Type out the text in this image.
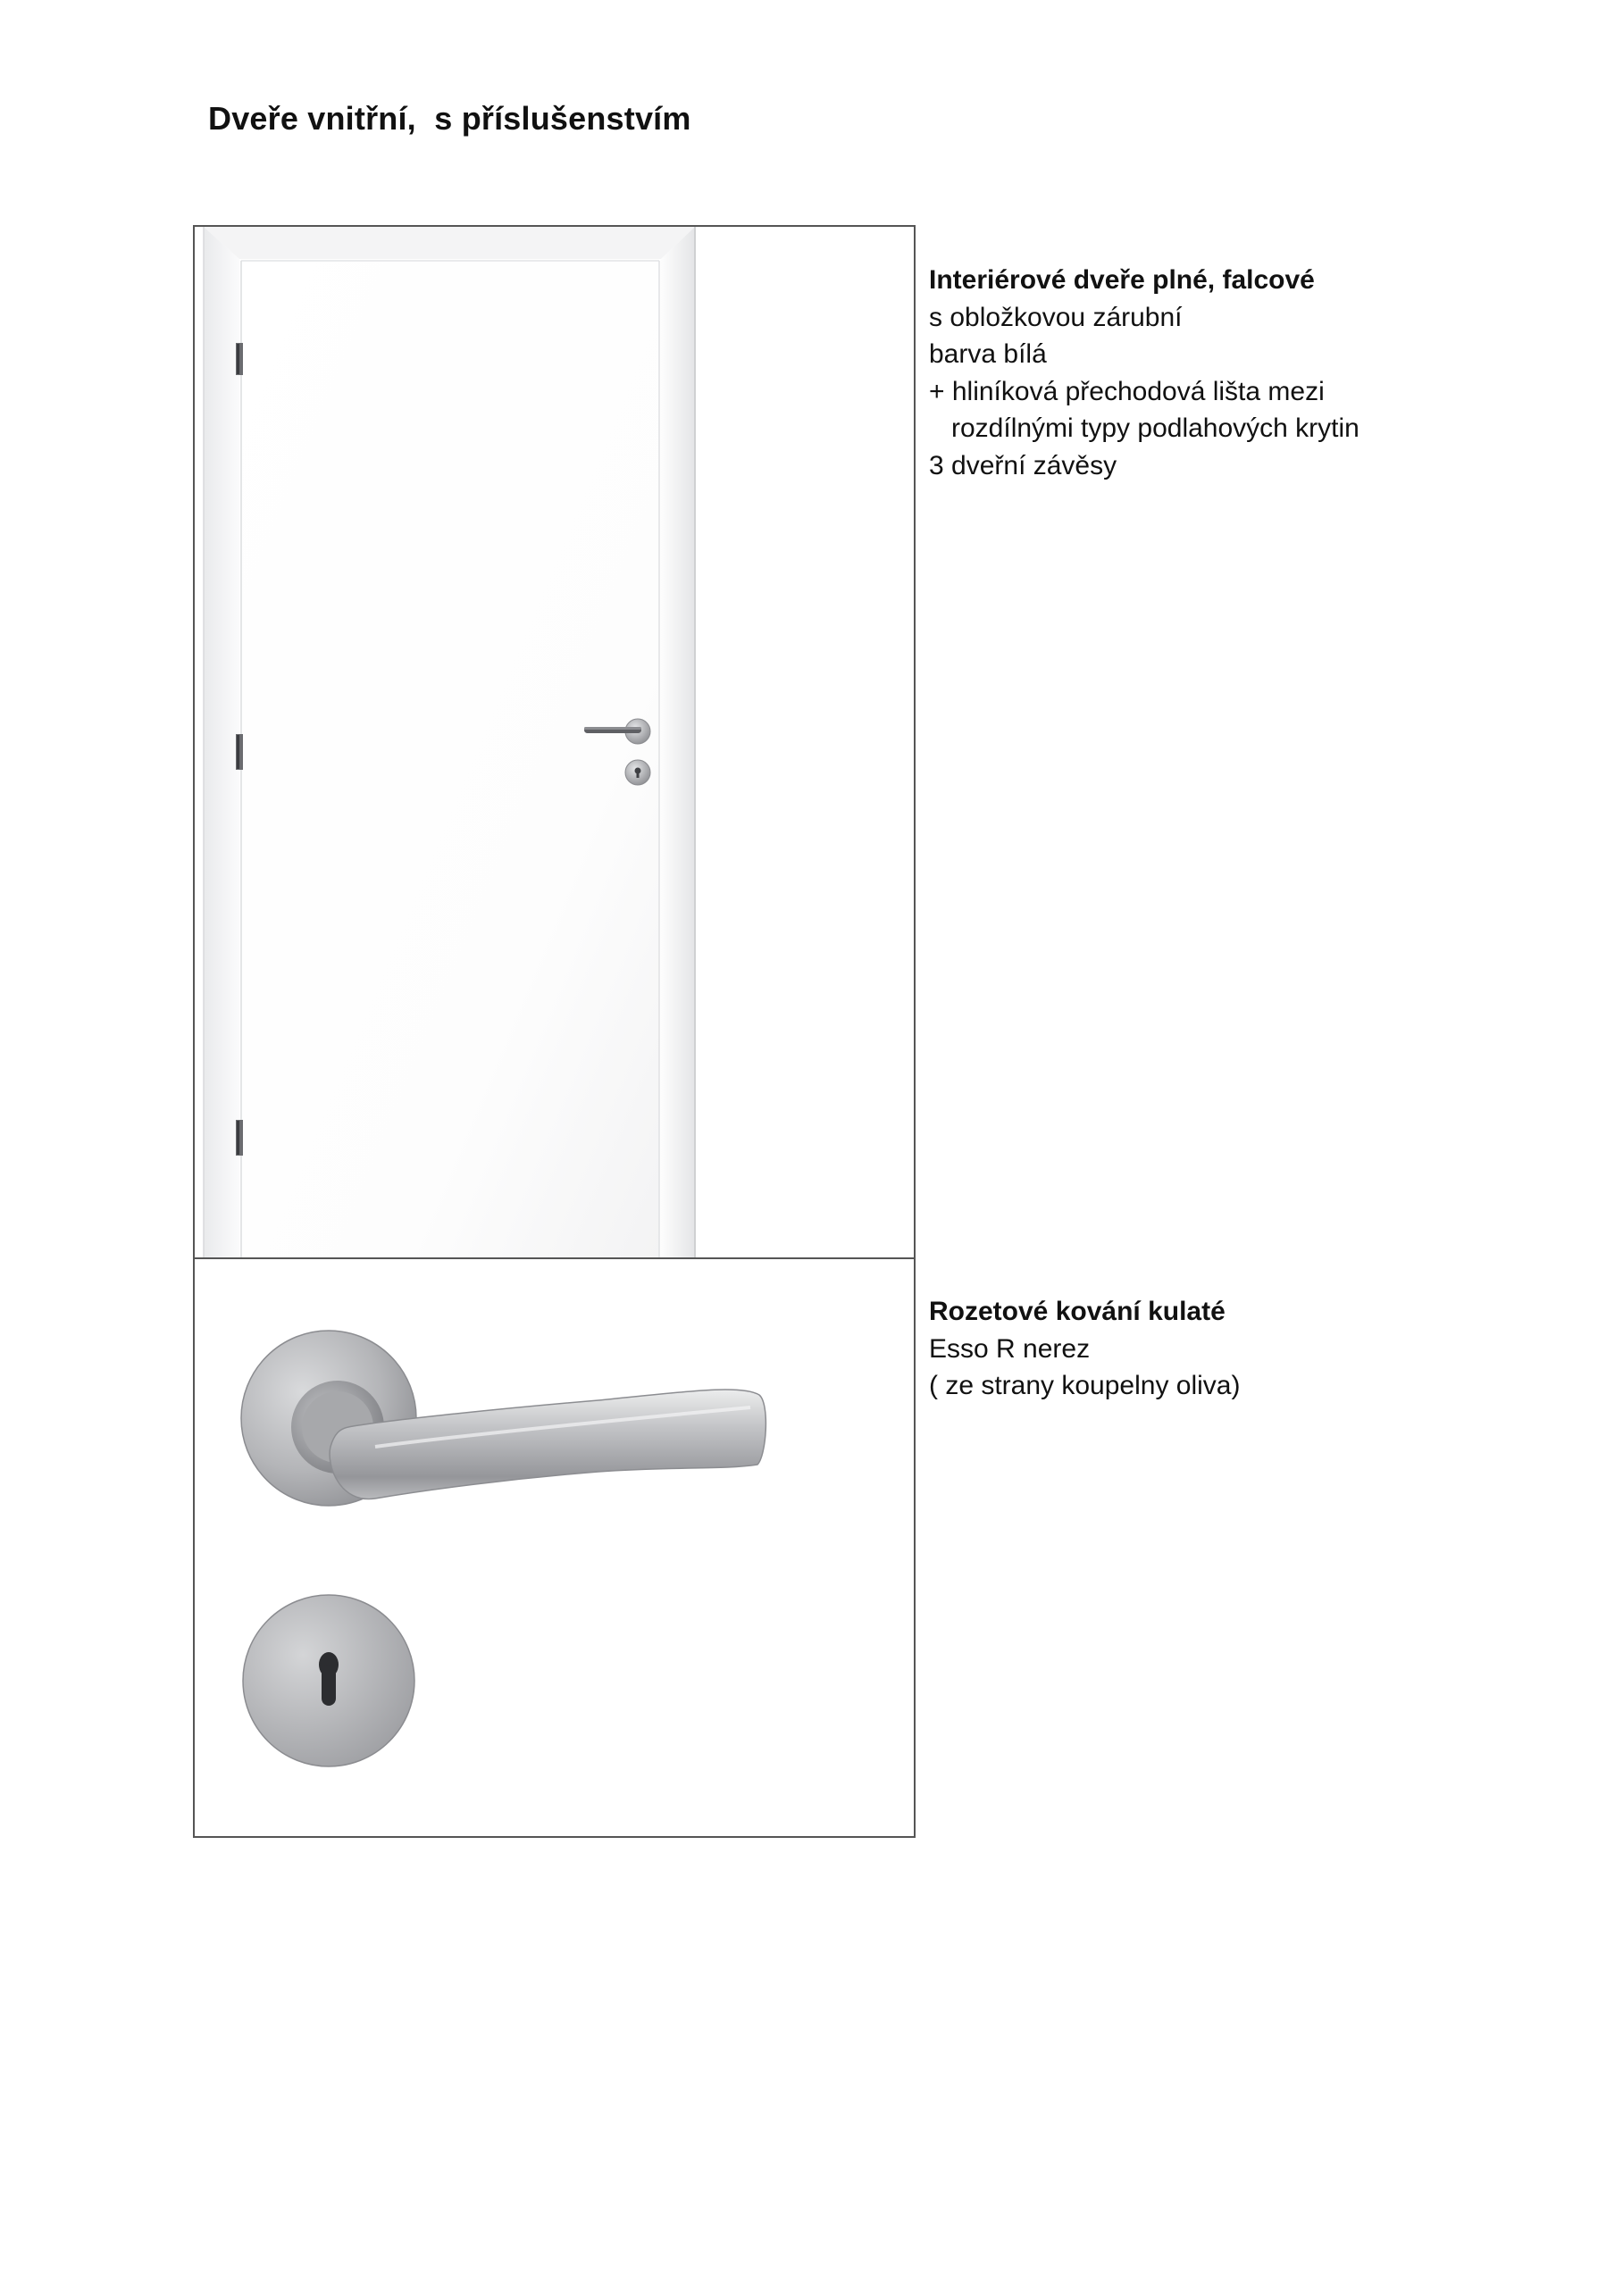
Dveře vnitřní,  s příslušenstvím
Interiérové dveře plné, falcové
s obložkovou zárubní
barva bílá
+ hliníková přechodová lišta mezi
rozdílnými typy podlahových krytin
3 dveřní závěsy
Rozetové kování kulaté
Esso R nerez
( ze strany koupelny oliva)
